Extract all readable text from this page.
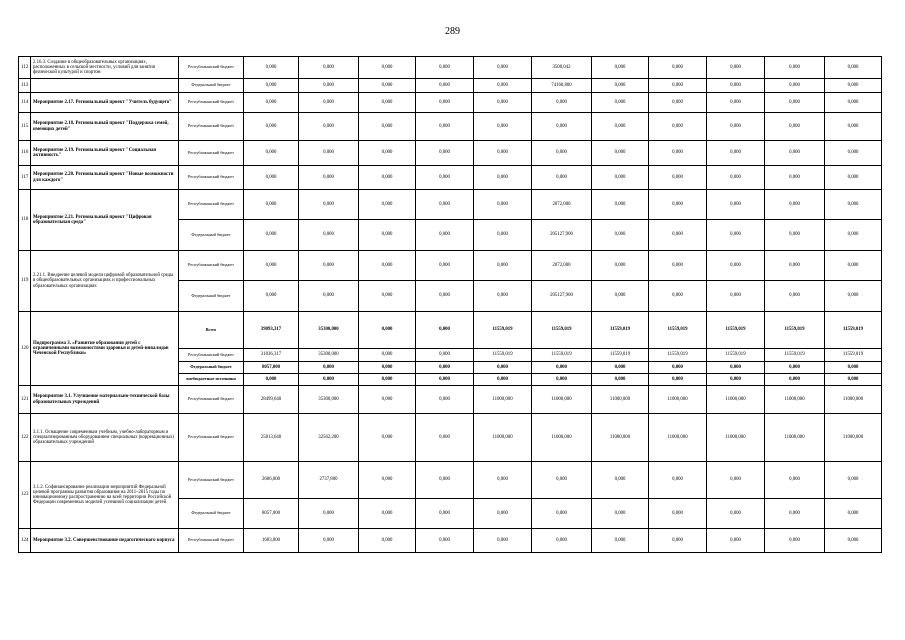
289
112	2.16.3. Создание в общеобразовательных организациях, расположенных в сельской местности, условий для занятия физической культурой и спортом	Республиканский бюджет	0,000	0,000	0,000	0,000	0,000	3500,042	0,000	0,000	0,000	0,000	0,000
113		Федеральный бюджет	0,000	0,000	0,000	0,000	0,000	74160,800	0,000	0,000	0,000	0,000	0,000
114	Мероприятие 2.17. Региональный проект "Учитель будущего"	Республиканский бюджет	0,000	0,000	0,000	0,000	0,000	0,000	0,000	0,000	0,000	0,000	0,000
115	Мероприятие 2.18. Региональный проект "Поддержка семей, имеющих детей"	Республиканский бюджет	0,000	0,000	0,000	0,000	0,000	0,000	0,000	0,000	0,000	0,000	0,000
116	Мероприятие 2.19. Региональный проект "Социальная активность"	Республиканский бюджет	0,000	0,000	0,000	0,000	0,000	0,000	0,000	0,000	0,000	0,000	0,000
117	Мероприятие 2.20. Региональный проект "Новые возможности для каждого"	Республиканский бюджет	0,000	0,000	0,000	0,000	0,000	0,000	0,000	0,000	0,000	0,000	0,000
118	Мероприятие 2.21. Региональный проект "Цифровая образовательная среда"	Республиканский бюджет	0,000	0,000	0,000	0,000	0,000	2072,000	0,000	0,000	0,000	0,000	0,000
		Федеральный бюджет	0,000	0,000	0,000	0,000	0,000	205127,900	0,000	0,000	0,000	0,000	0,000
119	2.21.1. Внедрение целевой модели цифровой образовательной среды в общеобразовательных организациях и профессиональных образовательных организациях	Республиканский бюджет	0,000	0,000	0,000	0,000	0,000	2072,000	0,000	0,000	0,000	0,000	0,000
		Федеральный бюджет	0,000	0,000	0,000	0,000	0,000	205127,900	0,000	0,000	0,000	0,000	0,000
120	Подпрограмма 3. «Развитие образования детей с ограниченными возможностями здоровья и детей-инвалидов Чеченской Республики»	Всего	39093,317	35300,000	0,000	0,000	11559,019	11559,019	11559,019	11559,019	11559,019	11559,019	11559,019
		Республиканский бюджет	31036,317	35300,000	0,000	0,000	11559,019	11559,019	11559,019	11559,019	11559,019	11559,019	11559,019
		Федеральный бюджет	8057,000	0,000	0,000	0,000	0,000	0,000	0,000	0,000	0,000	0,000	0,000
		внебюджетные источники	0,000	0,000	0,000	0,000	0,000	0,000	0,000	0,000	0,000	0,000	0,000
121	Мероприятие 3.1. Улучшение материально-технической базы образовательных учреждений	Республиканский бюджет	28499,640	35300,000	0,000	0,000	11000,000	11000,000	11000,000	11000,000	11000,000	11000,000	11000,000
122	3.1.1. Оснащение современным учебным, учебно-лабораторным и специализированным оборудованием специальных (коррекционных) образовательных учреждений	Республиканский бюджет	25813,640	32562,200	0,000	0,000	11000,000	11000,000	11000,000	11000,000	11000,000	11000,000	11000,000
123	3.1.2. Софинансирование реализации мероприятий Федеральной целевой программы развития образования на 2011–2015 годы по инновационному распространению на всей территории Российской Федерации современных моделей успешной социализации детей	Республиканский бюджет	2686,000	2737,800	0,000	0,000	0,000	0,000	0,000	0,000	0,000	0,000	0,000
		Федеральный бюджет	8057,000	0,000	0,000	0,000	0,000	0,000	0,000	0,000	0,000	0,000	0,000
124	Мероприятие 3.2. Совершенствование педагогического корпуса	Республиканский бюджет	1683,000	0,000	0,000	0,000	0,000	0,000	0,000	0,000	0,000	0,000	0,000
